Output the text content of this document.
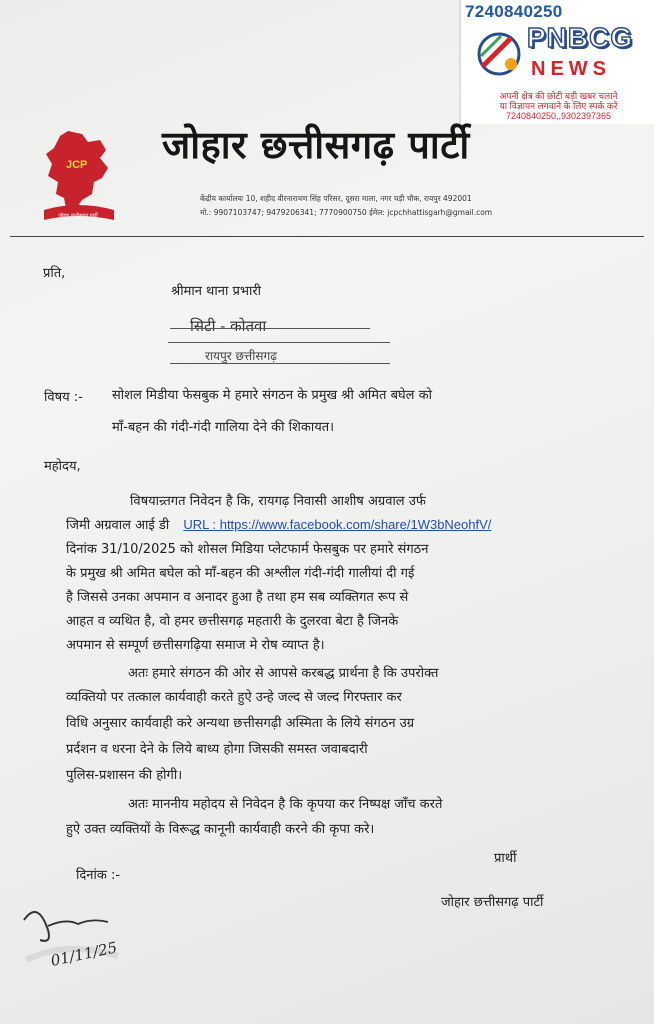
7240840250
PNBCG
NEWS
अपनी क्षेत्र की छोटी बड़ी खबर चलाने
या विज्ञापन लगवाने के लिए स्पर्क करें
7240840250,,9302397365
JCP
जोहार छत्तीसगढ़ पार्टी
जोहार छत्तीसगढ़ पार्टी
केंद्रीय कार्यालयः 10, शहीद वीरनारायण सिंह परिसर, दूसरा माला, नगर घड़ी चौक, रायपुर 492001
मो.: 9907103747; 9479206341; 7770900750 ईमेल: jcpchhattisgarh@gmail.com
प्रति,
श्रीमान थाना प्रभारी
सिटी - कोतवा
रायपुर छत्तीसगढ़
विषय :- सोशल मिडीया फेसबुक मे हमारे संगठन के प्रमुख श्री अमित बघेल को
माँ-बहन की गंदी-गंदी गालिया देने की शिकायत।
महोदय,
विषयान्र्तगत निवेदन है कि, रायगढ़ निवासी आशीष अग्रवाल उर्फ
जिमी अग्रवाल आई डी URL : https://www.facebook.com/share/1W3bNeohfV/
दिनांक 31/10/2025 को शोसल मिडिया प्लेटफार्म फेसबुक पर हमारे संगठन
के प्रमुख श्री अमित बघेल को माँ-बहन की अश्लील गंदी-गंदी गालीयां दी गई
है जिससे उनका अपमान व अनादर हुआ है तथा हम सब व्यक्तिगत रूप से
आहत व व्यथित है, वो हमर छत्तीसगढ़ महतारी के दुलरवा बेटा है जिनके
अपमान से सम्पूर्ण छत्तीसगढ़िया समाज मे रोष व्याप्त है।
अतः हमारे संगठन की ओर से आपसे करबद्ध प्रार्थना है कि उपरोक्त
व्यक्तियो पर तत्काल कार्यवाही करते हुऐ उन्हे जल्द से जल्द गिरफ्तार कर
विधि अनुसार कार्यवाही करे अन्यथा छत्तीसगढ़ी अस्मिता के लिये संगठन उग्र
प्रर्दशन व धरना देने के लिये बाध्य होगा जिसकी समस्त जवाबदारी
पुलिस-प्रशासन की होगी।
अतः माननीय महोदय से निवेदन है कि कृपया कर निष्पक्ष जाँच करते
हुऐ उक्त व्यक्तियों के विरूद्ध कानूनी कार्यवाही करने की कृपा करे।
प्रार्थी
दिनांक :-
जोहार छत्तीसगढ़ पार्टी
01/11/25
